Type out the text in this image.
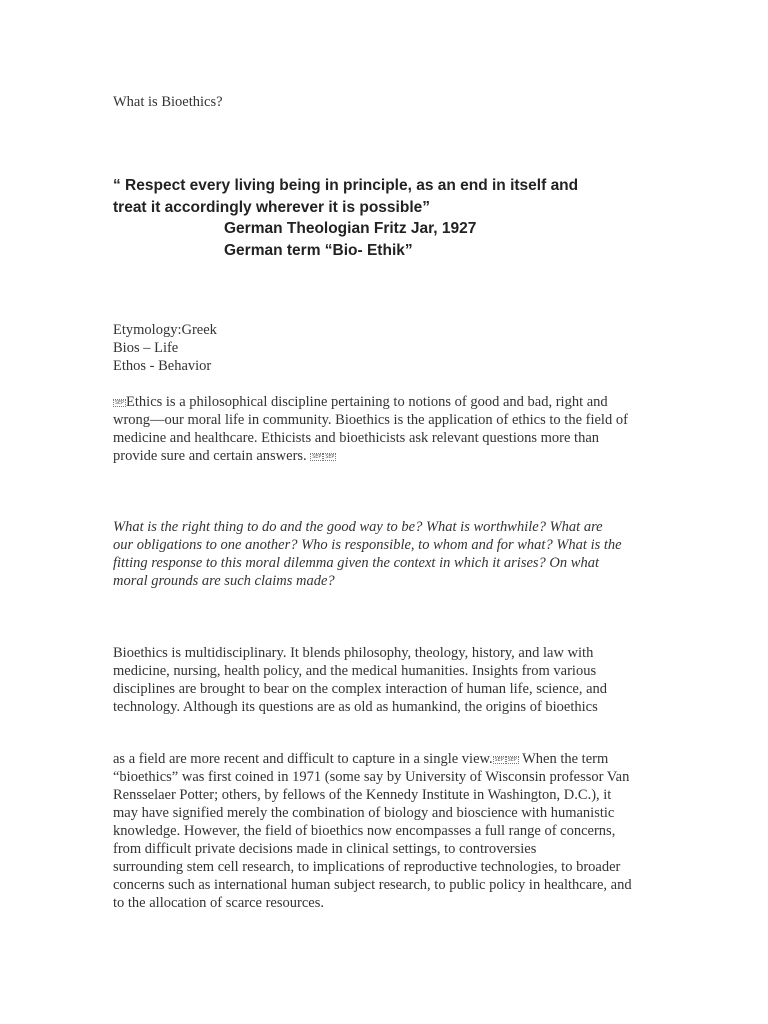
What is Bioethics?
“ Respect every living being in principle, as an end in itself and
treat it accordingly wherever it is possible”
German Theologian Fritz Jar, 1927
German term “Bio- Ethik”
Etymology:Greek
Bios – Life
Ethos - Behavior
SEP Ethics is a philosophical discipline pertaining to notions of good and bad, right and
wrong—our moral life in community. Bioethics is the application of ethics to the field of
medicine and healthcare. Ethicists and bioethicists ask relevant questions more than
provide sure and certain answers. SEP SEP
What is the right thing to do and the good way to be? What is worthwhile? What are
our obligations to one another? Who is responsible, to whom and for what? What is the
fitting response to this moral dilemma given the context in which it arises? On what
moral grounds are such claims made?
Bioethics is multidisciplinary. It blends philosophy, theology, history, and law with
medicine, nursing, health policy, and the medical humanities. Insights from various
disciplines are brought to bear on the complex interaction of human life, science, and
technology. Although its questions are as old as humankind, the origins of bioethics
as a field are more recent and difficult to capture in a single view. SEP SEP When the term
“bioethics” was first coined in 1971 (some say by University of Wisconsin professor Van
Rensselaer Potter; others, by fellows of the Kennedy Institute in Washington, D.C.), it
may have signified merely the combination of biology and bioscience with humanistic
knowledge. However, the field of bioethics now encompasses a full range of concerns,
from difficult private decisions made in clinical settings, to controversies
surrounding stem cell research, to implications of reproductive technologies, to broader
concerns such as international human subject research, to public policy in healthcare, and
to the allocation of scarce resources.
